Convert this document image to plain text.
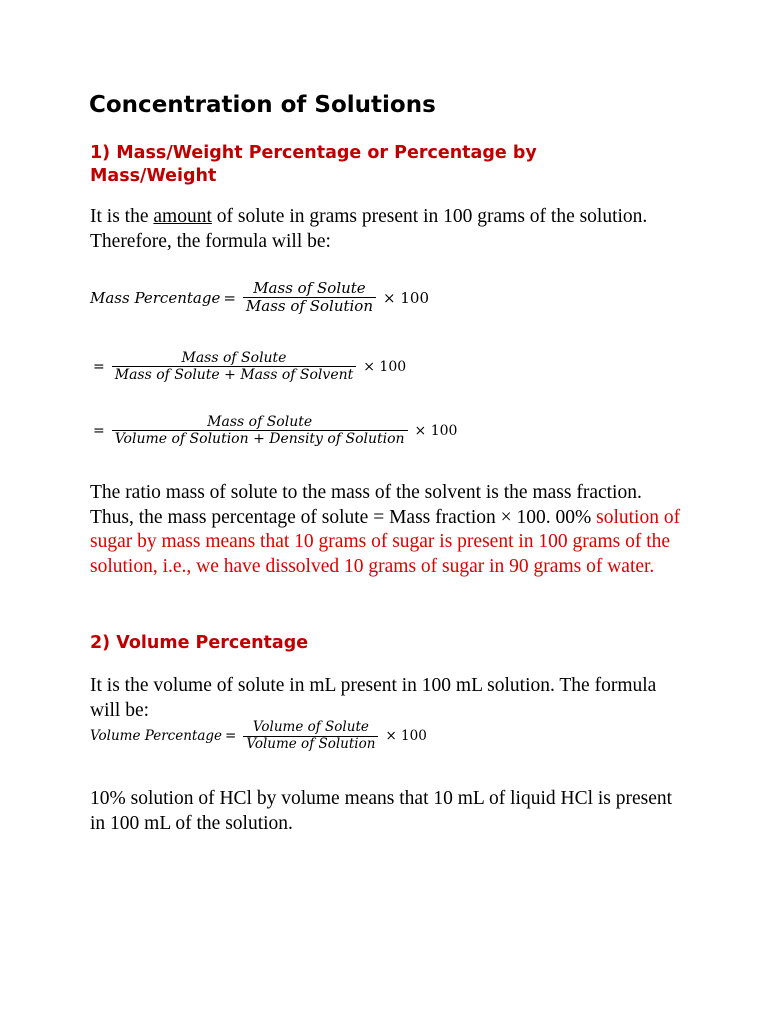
Concentration of Solutions
1) Mass/Weight Percentage or Percentage by Mass/Weight

It is the amount of solute in grams present in 100 grams of the solution. Therefore, the formula will be:

Mass Percentage = $\frac{\text{Mass of Solute}}{\text{Mass of Solution}} \times 100$
= $\frac{\text{Mass of Solute}}{\text{Mass of Solute + Mass of Solvent}} \times 100$
= $\frac{\text{Mass of Solute}}{\text{Volume of Solution + Density of Solution}} \times 100$

The ratio mass of solute to the mass of the solvent is the mass fraction. Thus, the mass percentage of solute = Mass fraction × 100. 00% solution of sugar by mass means that 10 grams of sugar is present in 100 grams of the solution, i.e., we have dissolved 10 grams of sugar in 90 grams of water.

2) Volume Percentage

It is the volume of solute in mL present in 100 mL solution. The formula will be:

Volume Percentage = $\frac{\text{Volume of Solute}}{\text{Volume of Solution}} \times 100$

10% solution of HCl by volume means that 10 mL of liquid HCl is present in 100 mL of the solution.
